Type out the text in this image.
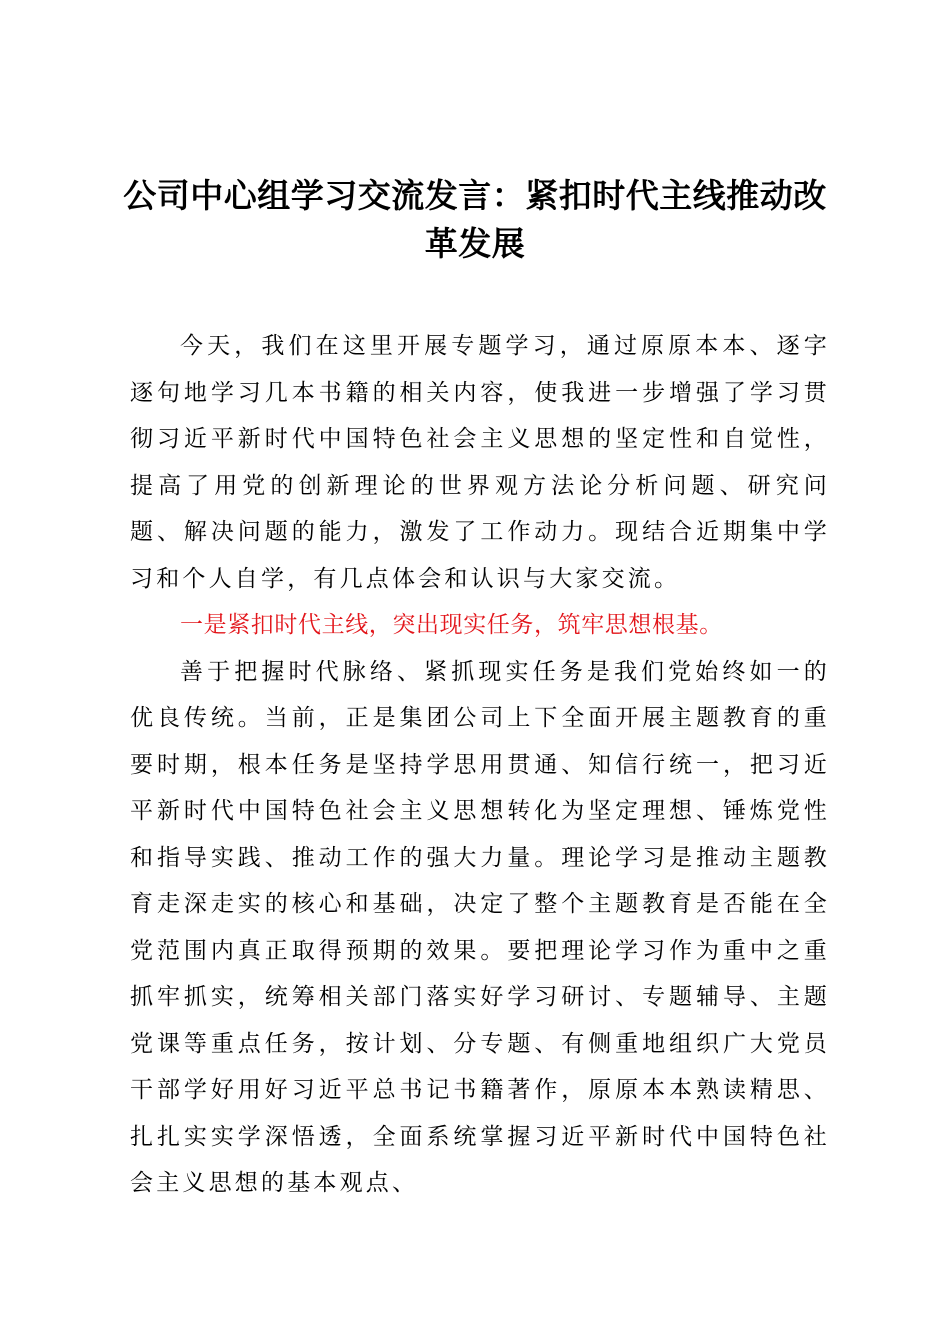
公司中心组学习交流发言：紧扣时代主线推动改革发展

今天，我们在这里开展专题学习，通过原原本本、逐字逐句地学习几本书籍的相关内容，使我进一步增强了学习贯彻习近平新时代中国特色社会主义思想的坚定性和自觉性，提高了用党的创新理论的世界观方法论分析问题、研究问题、解决问题的能力，激发了工作动力。现结合近期集中学习和个人自学，有几点体会和认识与大家交流。

一是紧扣时代主线，突出现实任务，筑牢思想根基。

善于把握时代脉络、紧抓现实任务是我们党始终如一的优良传统。当前，正是集团公司上下全面开展主题教育的重要时期，根本任务是坚持学思用贯通、知信行统一，把习近平新时代中国特色社会主义思想转化为坚定理想、锤炼党性和指导实践、推动工作的强大力量。理论学习是推动主题教育走深走实的核心和基础，决定了整个主题教育是否能在全党范围内真正取得预期的效果。要把理论学习作为重中之重抓牢抓实，统筹相关部门落实好学习研讨、专题辅导、主题党课等重点任务，按计划、分专题、有侧重地组织广大党员干部学好用好习近平总书记书籍著作，原原本本熟读精思、扎扎实实学深悟透，全面系统掌握习近平新时代中国特色社会主义思想的基本观点、
